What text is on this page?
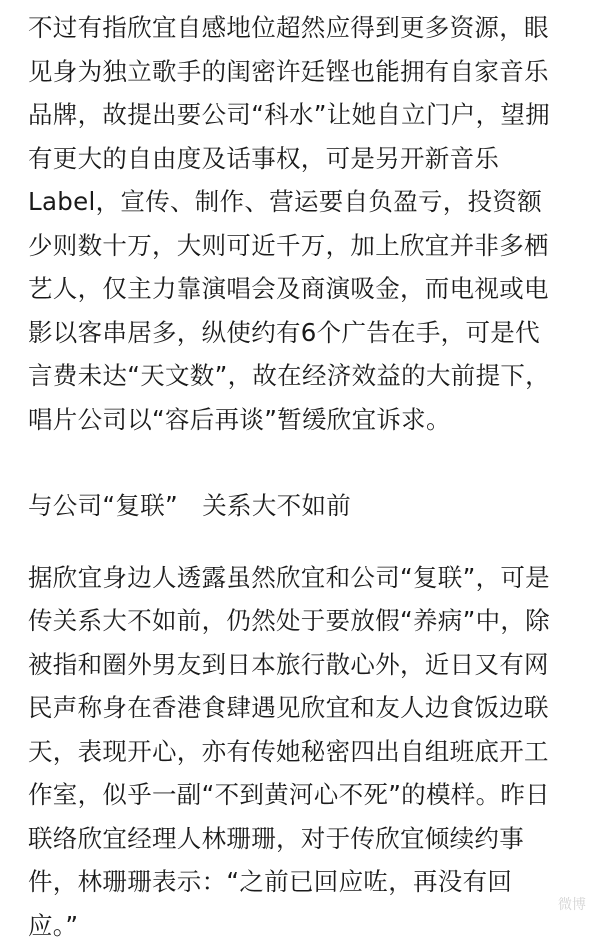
不过有指欣宜自感地位超然应得到更多资源，眼
见身为独立歌手的闺密许廷铿也能拥有自家音乐
品牌，故提出要公司“科水”让她自立门户，望拥
有更大的自由度及话事权，可是另开新音乐
Label，宣传、制作、营运要自负盈亏，投资额
少则数十万，大则可近千万，加上欣宜并非多栖
艺人，仅主力靠演唱会及商演吸金，而电视或电
影以客串居多，纵使约有6个广告在手，可是代
言费未达“天文数”，故在经济效益的大前提下，
唱片公司以“容后再谈”暂缓欣宜诉求。

与公司“复联”   关系大不如前

据欣宜身边人透露虽然欣宜和公司“复联”，可是
传关系大不如前，仍然处于要放假“养病”中，除
被指和圈外男友到日本旅行散心外，近日又有网
民声称身在香港食肆遇见欣宜和友人边食饭边联
天，表现开心，亦有传她秘密四出自组班底开工
作室，似乎一副“不到黄河心不死”的模样。昨日
联络欣宜经理人林珊珊，对于传欣宜倾续约事
件，林珊珊表示：“之前已回应咗，再没有回
应。”

微博
